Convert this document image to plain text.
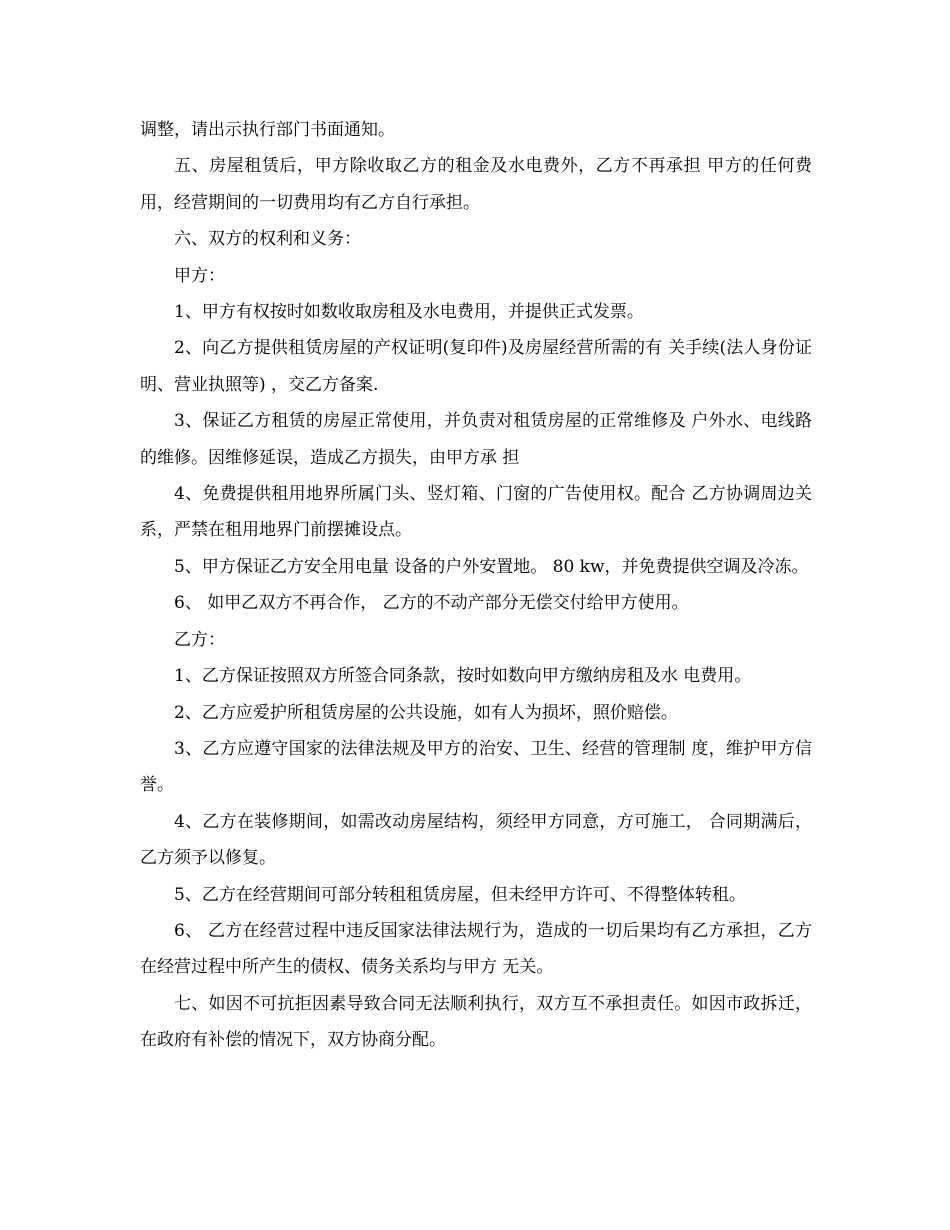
调整，请出示执行部门书面通知。

五、房屋租赁后，甲方除收取乙方的租金及水电费外，乙方不再承担 甲方的任何费用，经营期间的一切费用均有乙方自行承担。

六、双方的权利和义务：

甲方：

1、甲方有权按时如数收取房租及水电费用，并提供正式发票。

2、向乙方提供租赁房屋的产权证明(复印件)及房屋经营所需的有 关手续(法人身份证明、营业执照等) ，交乙方备案.

3、保证乙方租赁的房屋正常使用，并负责对租赁房屋的正常维修及 户外水、电线路的维修。因维修延误，造成乙方损失，由甲方承 担

4、免费提供租用地界所属门头、竖灯箱、门窗的广告使用权。配合 乙方协调周边关系，严禁在租用地界门前摆摊设点。

5、甲方保证乙方安全用电量 设备的户外安置地。 80 kw，并免费提供空调及冷冻。

6、 如甲乙双方不再合作， 乙方的不动产部分无偿交付给甲方使用。

乙方：

1、乙方保证按照双方所签合同条款，按时如数向甲方缴纳房租及水 电费用。

2、乙方应爱护所租赁房屋的公共设施，如有人为损坏，照价赔偿。

3、乙方应遵守国家的法律法规及甲方的治安、卫生、经营的管理制 度，维护甲方信誉。

4、乙方在装修期间，如需改动房屋结构，须经甲方同意，方可施工， 合同期满后，乙方须予以修复。

5、乙方在经营期间可部分转租租赁房屋，但未经甲方许可、不得整体转租。

6、 乙方在经营过程中违反国家法律法规行为，造成的一切后果均有乙方承担，乙方在经营过程中所产生的债权、债务关系均与甲方 无关。

七、如因不可抗拒因素导致合同无法顺利执行，双方互不承担责任。如因市政拆迁，在政府有补偿的情况下，双方协商分配。
